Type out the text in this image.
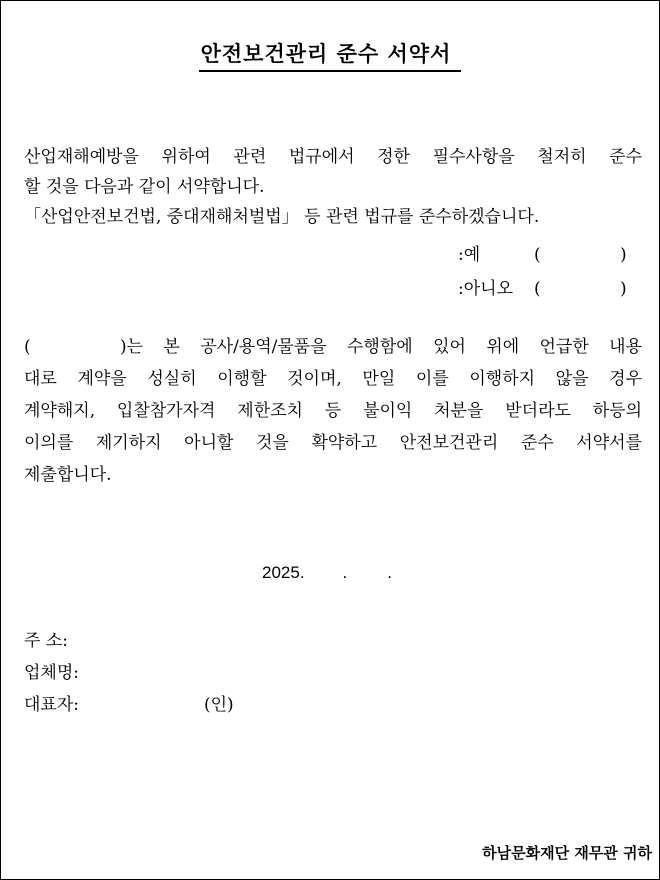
안전보건관리 준수 서약서
산업재해예방을 위하여 관련 법규에서 정한 필수사항을 철저히 준수
할 것을 다음과 같이 서약합니다.
「산업안전보건법, 중대재해처벌법」 등 관련 법규를 준수하겠습니다.
:예	(	)
:아니오 (	)
(	)는 본 공사/용역/물품을 수행함에 있어 위에 언급한 내용
대로 계약을 성실히 이행할 것이며, 만일 이를 이행하지 않을 경우
계약해지, 입찰참가자격 제한조치 등 불이익 처분을 받더라도 하등의
이의를 제기하지 아니할 것을 확약하고 안전보건관리 준수 서약서를
제출합니다.
2025. . .
주 소:
업체명:
대표자:	(인)
하남문화재단 재무관 귀하
